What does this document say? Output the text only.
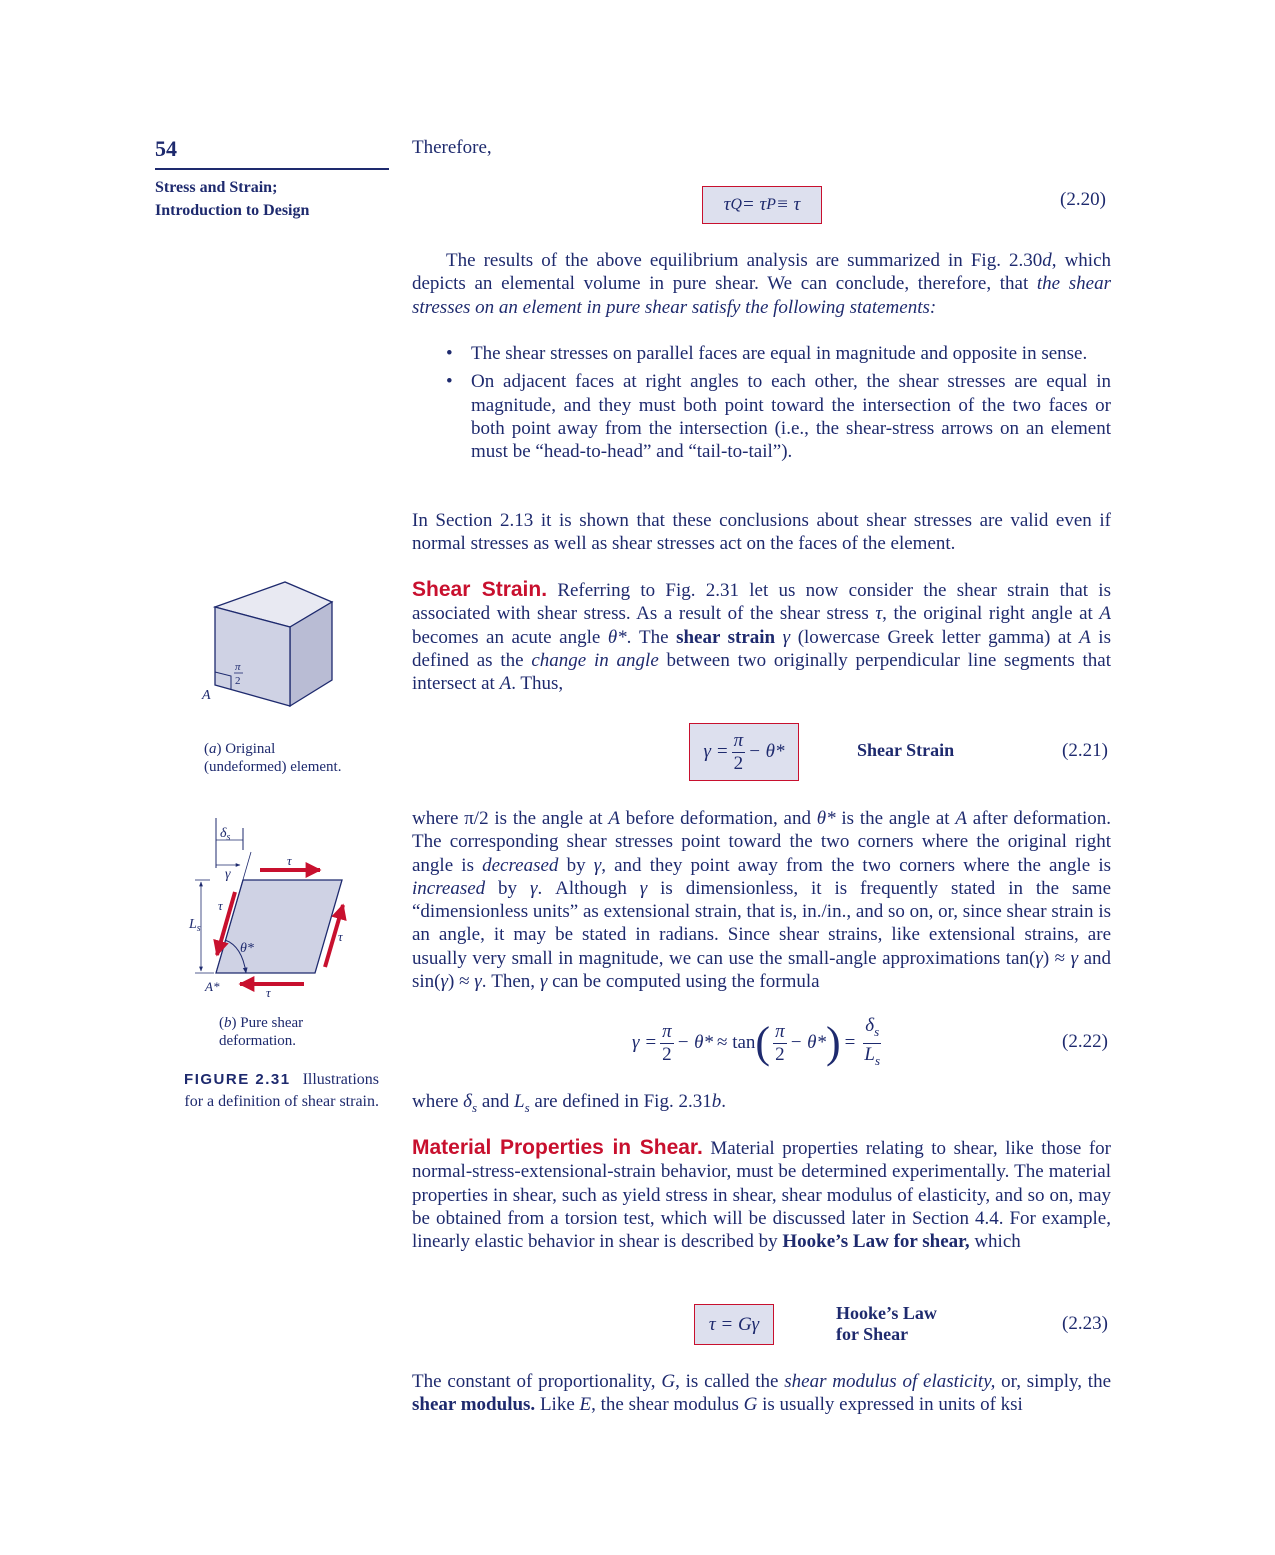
54
Stress and Strain;
Introduction to Design
Therefore,
τ Q = τ P ≡ τ	(2.20)

The results of the above equilibrium analysis are summarized in Fig. 2.30d, which depicts an elemental volume in pure shear. We can conclude, therefore, that the shear stresses on an element in pure shear satisfy the following statements:

• The shear stresses on parallel faces are equal in magnitude and opposite in sense.
• On adjacent faces at right angles to each other, the shear stresses are equal in magnitude, and they must both point toward the intersection of the two faces or both point away from the intersection (i.e., the shear-stress arrows on an element must be “head-to-head” and “tail-to-tail”).

In Section 2.13 it is shown that these conclusions about shear stresses are valid even if normal stresses as well as shear stresses act on the faces of the element.

Shear Strain. Referring to Fig. 2.31 let us now consider the shear strain that is associated with shear stress. As a result of the shear stress τ, the original right angle at A becomes an acute angle θ*. The shear strain γ (lowercase Greek letter gamma) at A is defined as the change in angle between two originally perpendicular line segments that intersect at A. Thus,

$\gamma = \frac{\pi}{2} - \theta*$	Shear Strain	(2.21)

where π/2 is the angle at A before deformation, and θ* is the angle at A after deformation. The corresponding shear stresses point toward the two corners where the original right angle is decreased by γ, and they point away from the two corners where the angle is increased by γ. Although γ is dimensionless, it is frequently stated in the same “dimensionless units” as extensional strain, that is, in./in., and so on, or, since shear strain is an angle, it may be stated in radians. Since shear strains, like extensional strains, are usually very small in magnitude, we can use the small-angle approximations tan(γ) ≈ γ and sin(γ) ≈ γ. Then, γ can be computed using the formula

$\gamma = \frac{\pi}{2} - \theta* \approx \tan$ ( $\frac{\pi}{2} - \theta*$ ) = $\frac{\delta_s}{L_s}$	(2.22)

where $\delta_s$ and $L_s$ are defined in Fig. 2.31b.

Material Properties in Shear. Material properties relating to shear, like those for normal-stress-extensional-strain behavior, must be determined experimentally. The material properties in shear, such as yield stress in shear, shear modulus of elasticity, and so on, may be obtained from a torsion test, which will be discussed later in Section 4.4. For example, linearly elastic behavior in shear is described by Hooke’s Law for shear, which

τ = Gγ
Hooke’s Law
for Shear	(2.23)

The constant of proportionality, G, is called the shear modulus of elasticity, or, simply, the shear modulus. Like E, the shear modulus G is usually expressed in units of ksi

π
2
A
(a) Original
(undeformed) element.
$\delta_s$
γ
$L_s$
τ
τ
τ
τ
θ*
A*
(b) Pure shear
deformation.
FIGURE 2.31 Illustrations
for a definition of shear strain.
